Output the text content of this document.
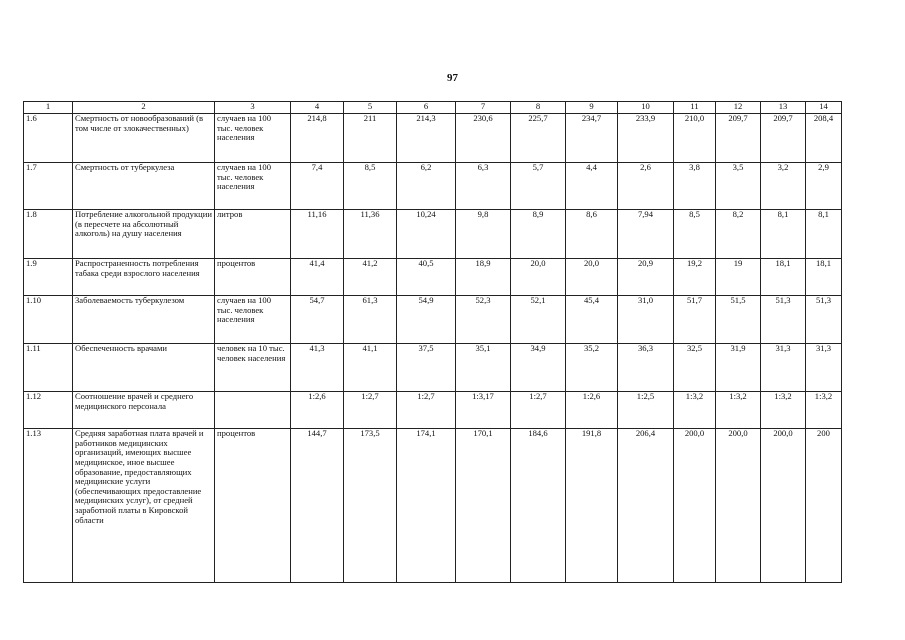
97
1	2	3	4	5	6	7	8	9	10	11	12	13	14
1.6	Смертность от новообразований (в том числе от злокачественных)	случаев на 100 тыс. человек населения	214,8	211	214,3	230,6	225,7	234,7	233,9	210,0	209,7	209,7	208,4
1.7	Смертность от туберкулеза	случаев на 100 тыс. человек населения	7,4	8,5	6,2	6,3	5,7	4,4	2,6	3,8	3,5	3,2	2,9
1.8	Потребление алкогольной продукции (в пересчете на абсолютный алкоголь) на душу населения	литров	11,16	11,36	10,24	9,8	8,9	8,6	7,94	8,5	8,2	8,1	8,1
1.9	Распространенность потребления табака среди взрослого населения	процентов	41,4	41,2	40,5	18,9	20,0	20,0	20,9	19,2	19	18,1	18,1
1.10	Заболеваемость туберкулезом	случаев на 100 тыс. человек населения	54,7	61,3	54,9	52,3	52,1	45,4	31,0	51,7	51,5	51,3	51,3
1.11	Обеспеченность врачами	человек на 10 тыс. человек населения	41,3	41,1	37,5	35,1	34,9	35,2	36,3	32,5	31,9	31,3	31,3
1.12	Соотношение врачей и среднего медицинского персонала		1:2,6	1:2,7	1:2,7	1:3,17	1:2,7	1:2,6	1:2,5	1:3,2	1:3,2	1:3,2	1:3,2
1.13	Средняя заработная плата врачей и работников медицинских организаций, имеющих высшее медицинское, иное высшее образование, предоставляющих медицинские услуги (обеспечивающих предоставление медицинских услуг), от средней заработной платы в Кировской области	процентов	144,7	173,5	174,1	170,1	184,6	191,8	206,4	200,0	200,0	200,0	200
